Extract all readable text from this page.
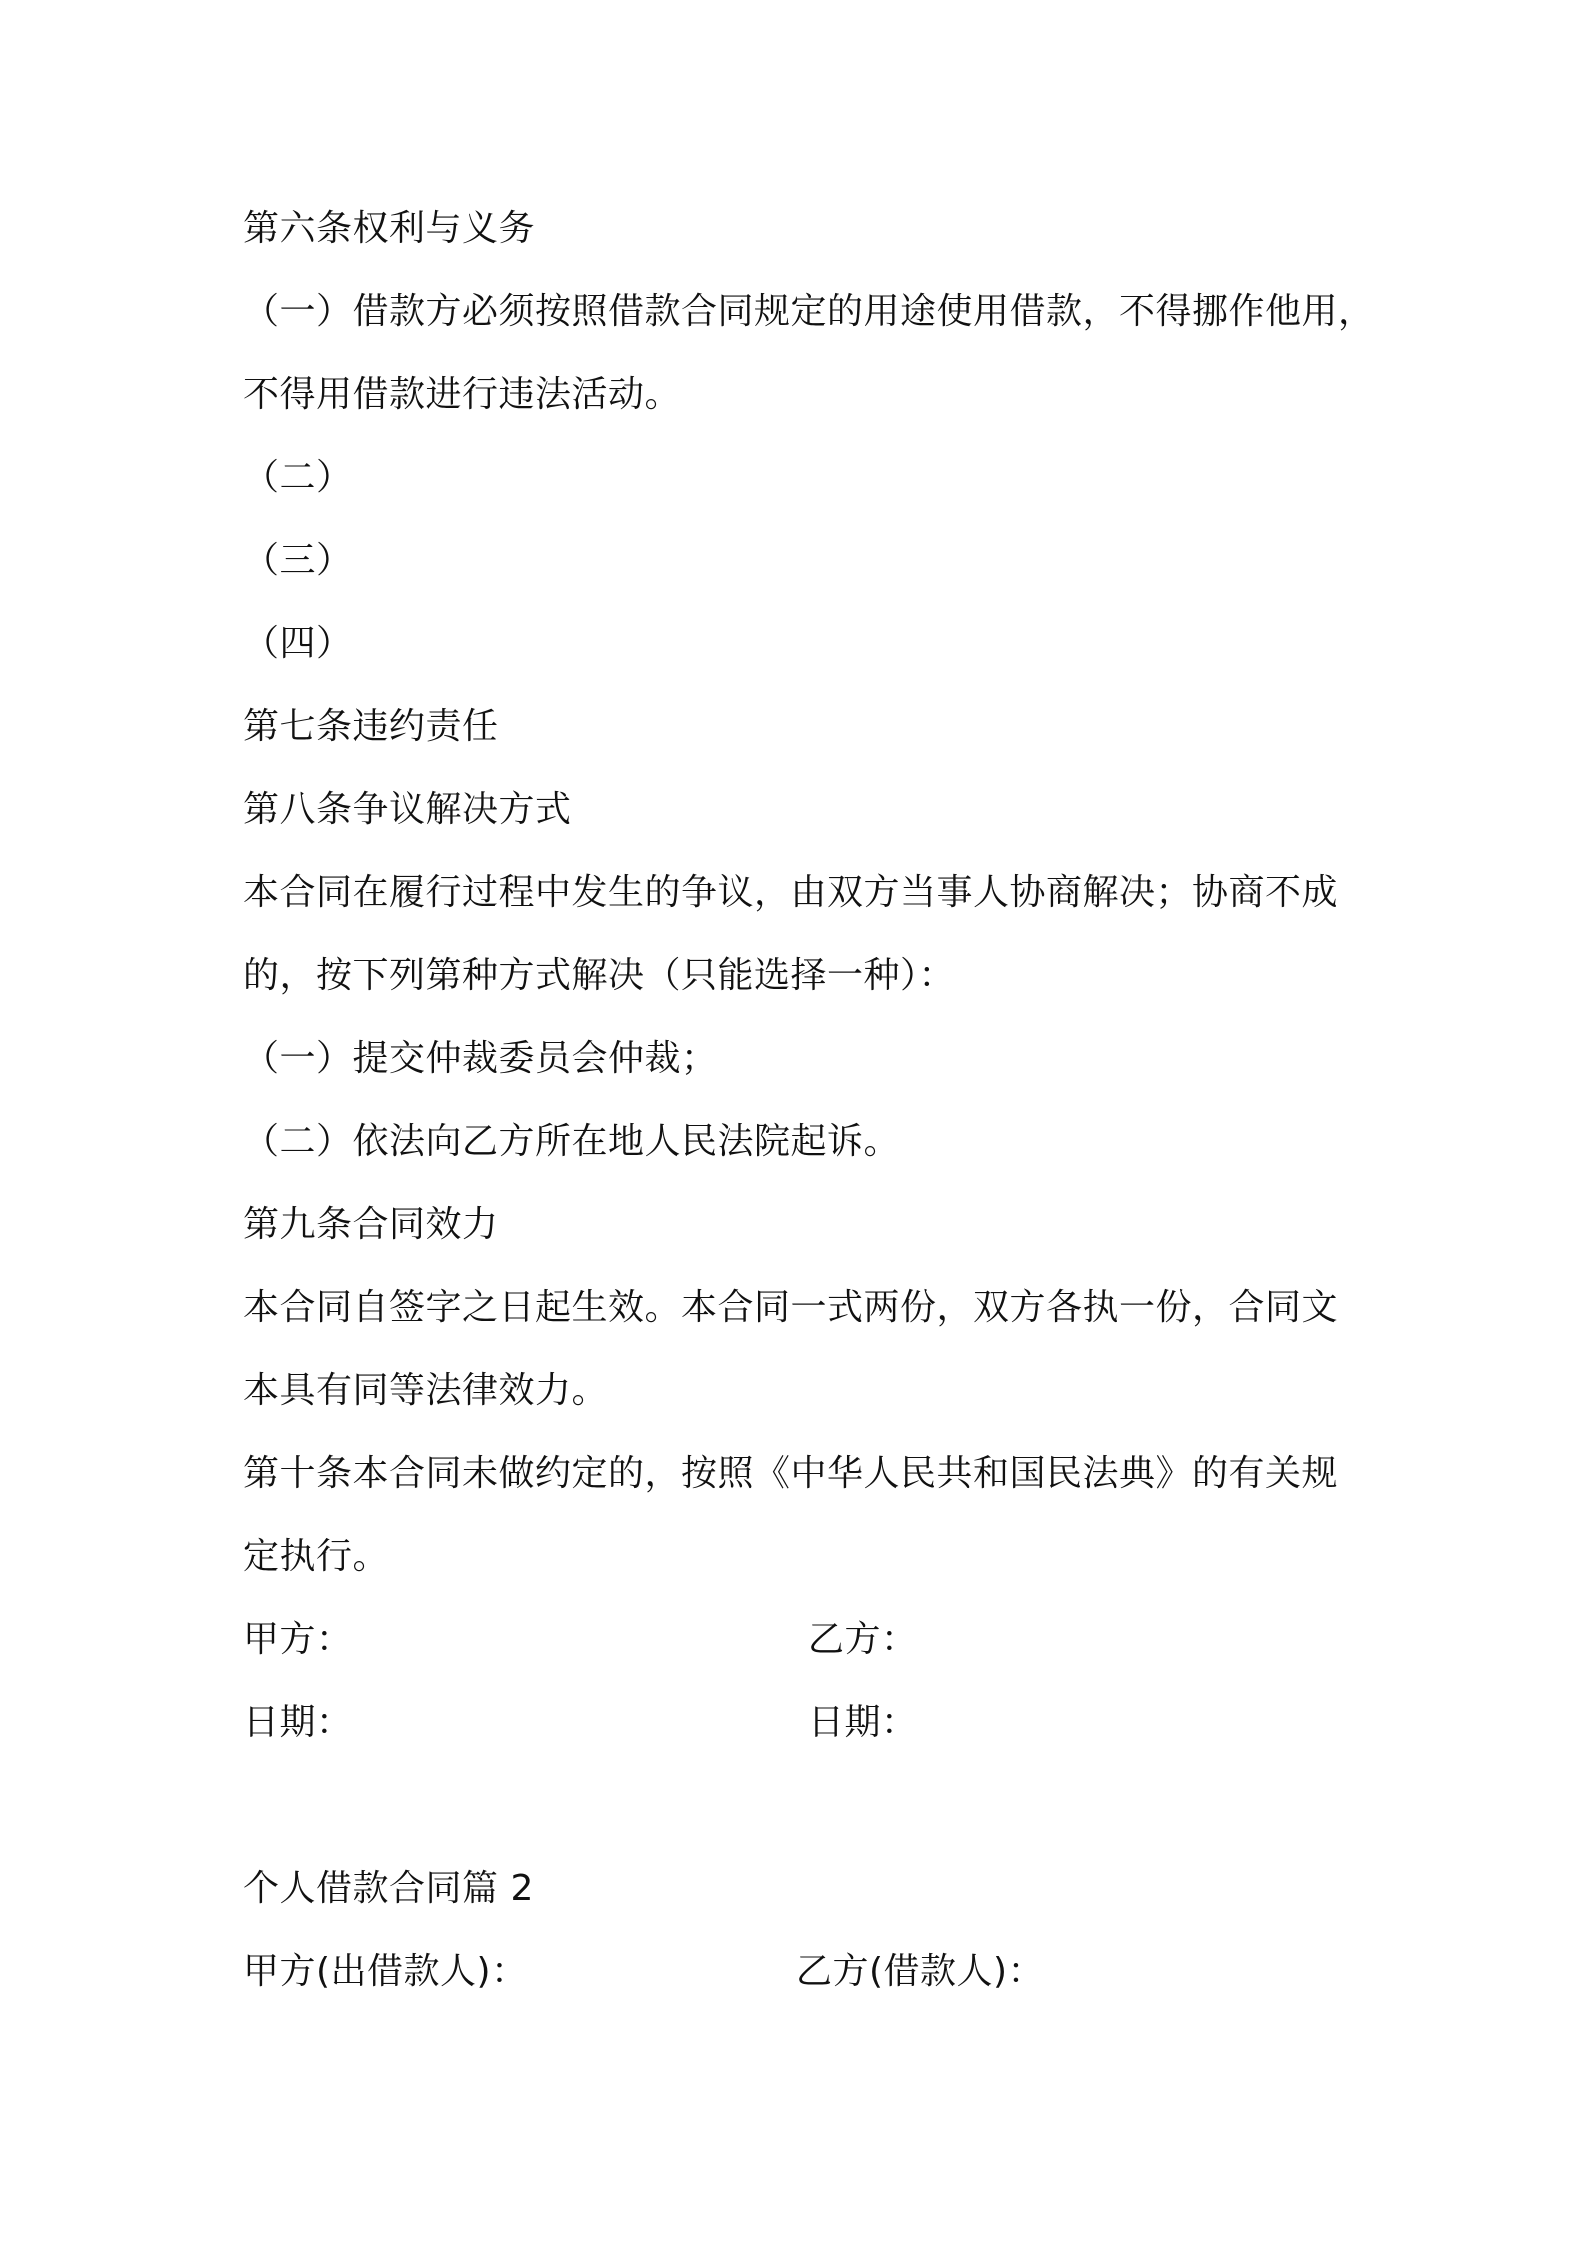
第六条权利与义务
（一）借款方必须按照借款合同规定的用途使用借款，不得挪作他用，
不得用借款进行违法活动。
（二）
（三）
（四）
第七条违约责任
第八条争议解决方式
本合同在履行过程中发生的争议，由双方当事人协商解决；协商不成
的，按下列第种方式解决（只能选择一种）：
（一）提交仲裁委员会仲裁；
（二）依法向乙方所在地人民法院起诉。
第九条合同效力
本合同自签字之日起生效。本合同一式两份，双方各执一份，合同文
本具有同等法律效力。
第十条本合同未做约定的，按照《中华人民共和国民法典》的有关规
定执行。
甲方：	乙方：
日期：	日期：
个人借款合同篇 2
甲方(出借款人)：	乙方(借款人)：
